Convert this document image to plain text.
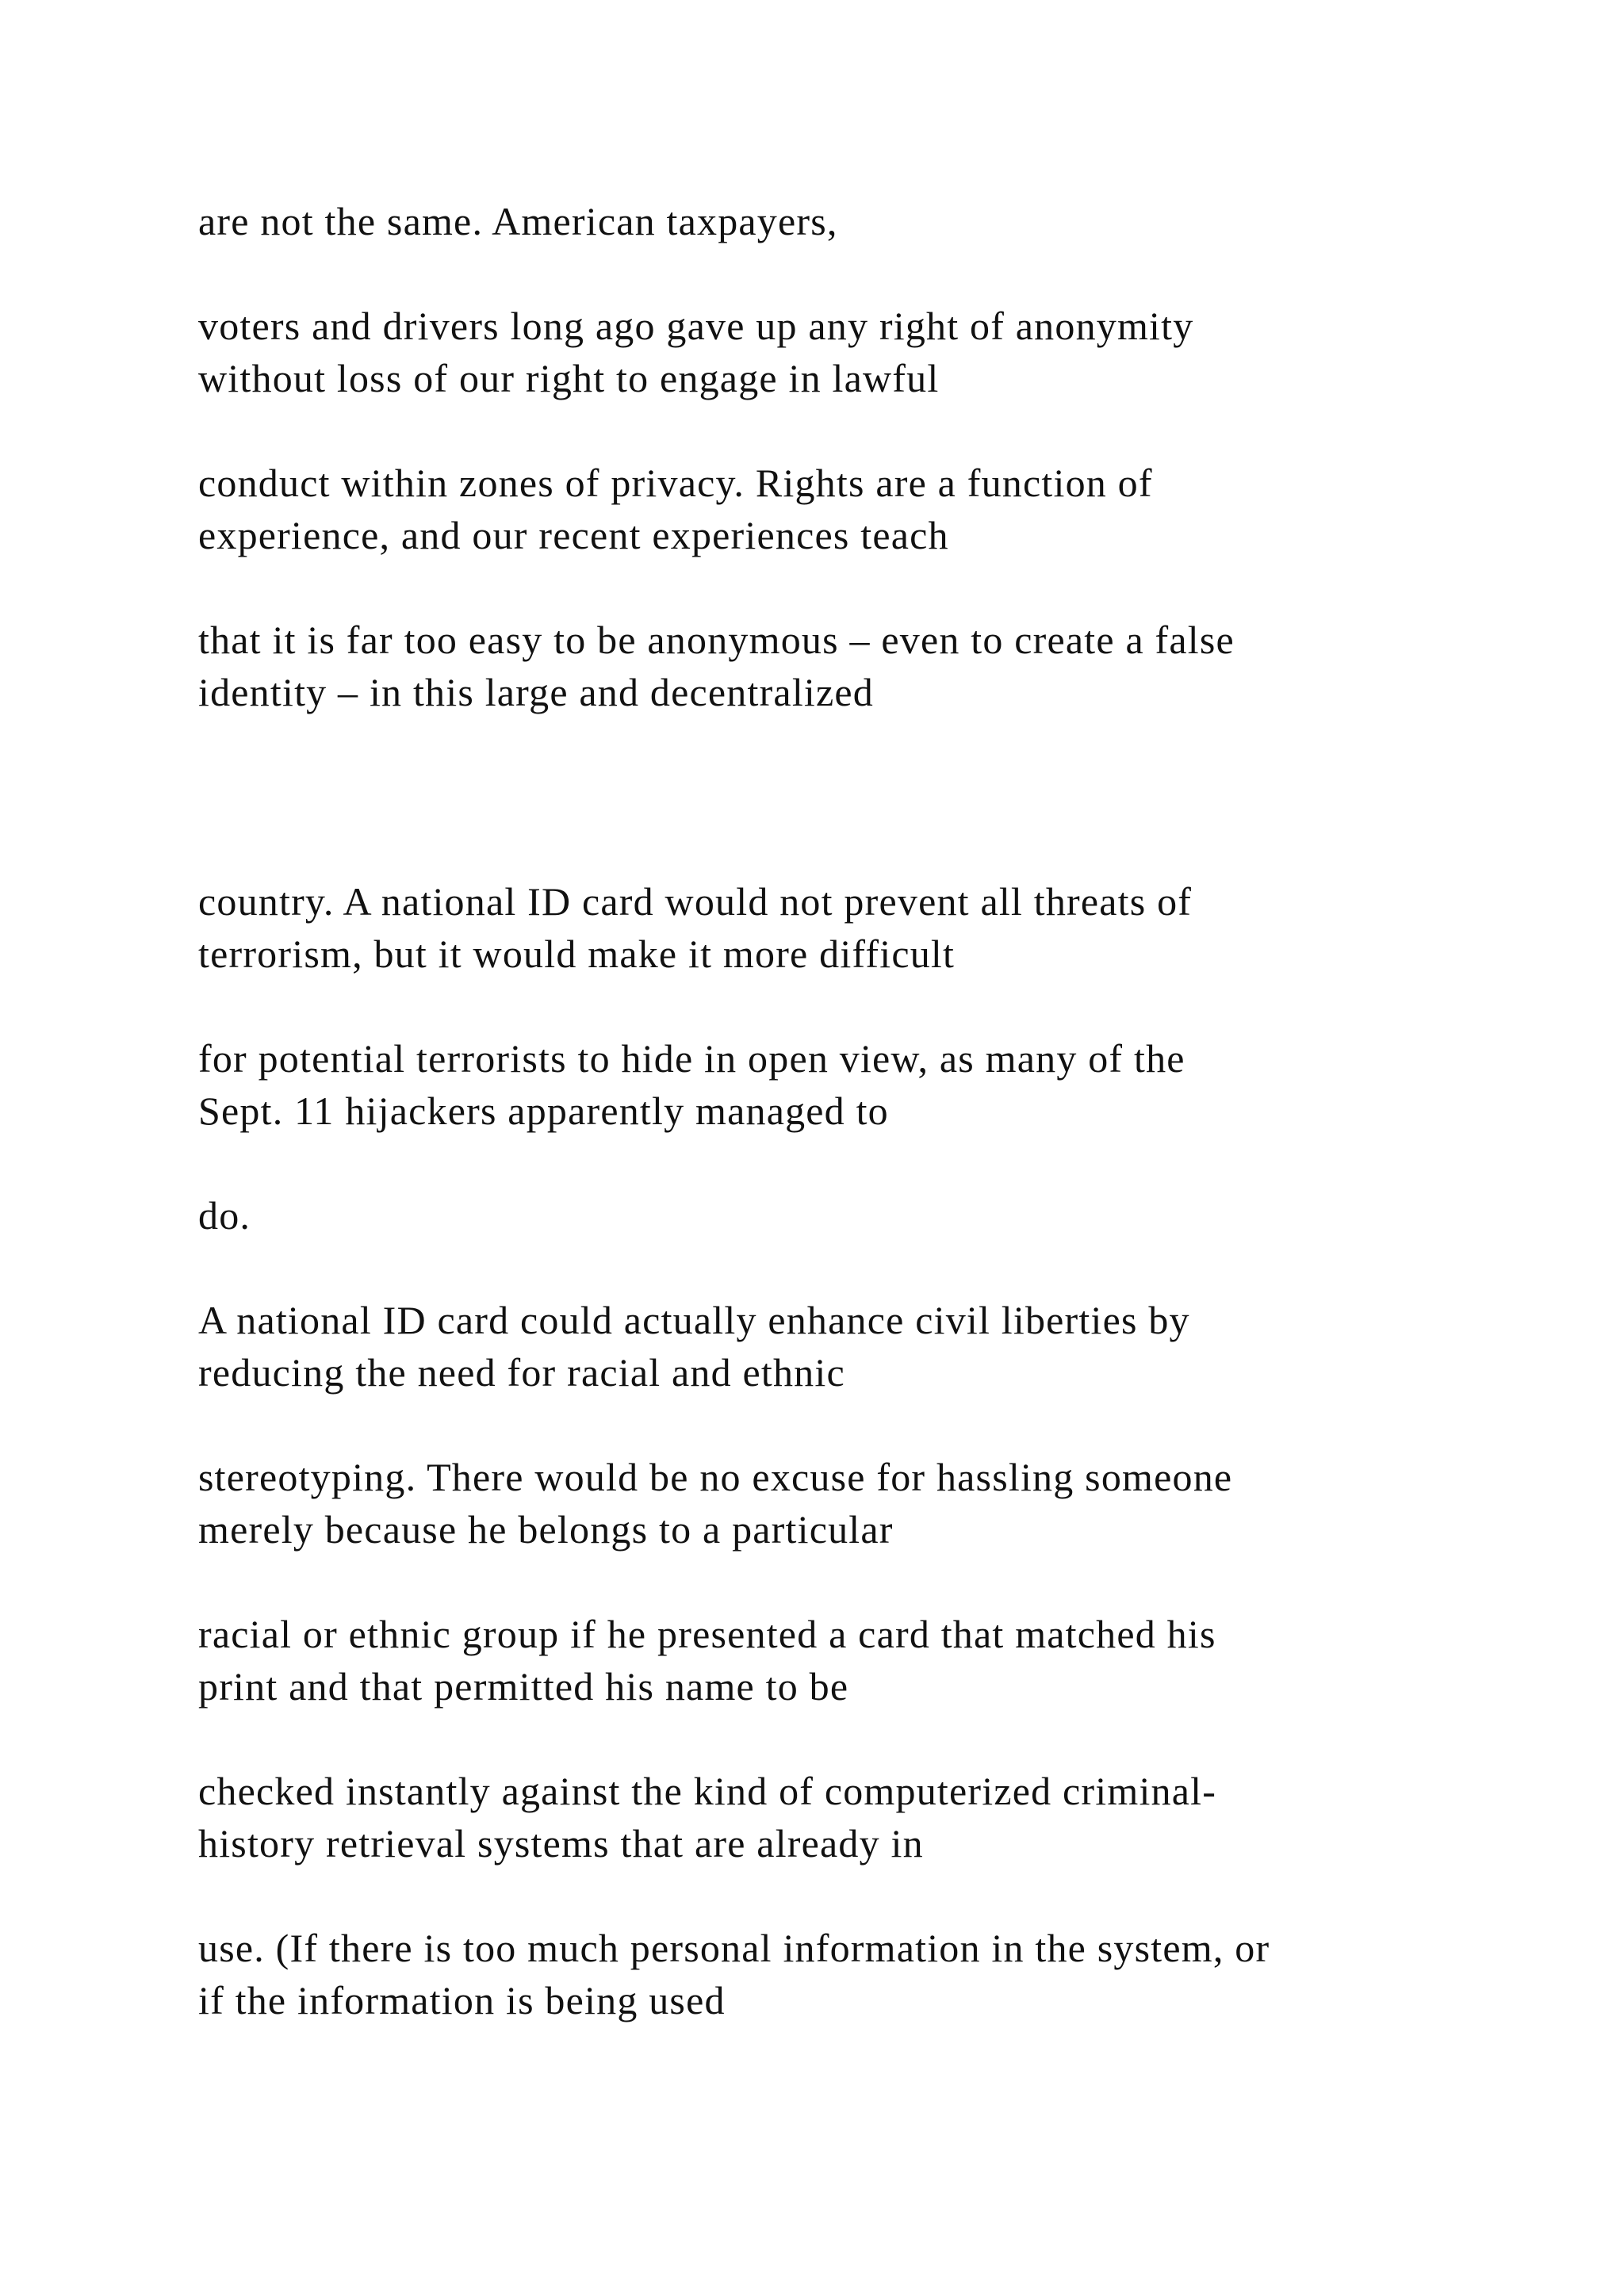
are not the same. American taxpayers,

voters and drivers long ago gave up any right of anonymity
without loss of our right to engage in lawful

conduct within zones of privacy. Rights are a function of
experience, and our recent experiences teach

that it is far too easy to be anonymous – even to create a false
identity – in this large and decentralized

country. A national ID card would not prevent all threats of
terrorism, but it would make it more difficult

for potential terrorists to hide in open view, as many of the
Sept. 11 hijackers apparently managed to

do.

A national ID card could actually enhance civil liberties by
reducing the need for racial and ethnic

stereotyping. There would be no excuse for hassling someone
merely because he belongs to a particular

racial or ethnic group if he presented a card that matched his
print and that permitted his name to be

checked instantly against the kind of computerized criminal-
history retrieval systems that are already in

use. (If there is too much personal information in the system, or
if the information is being used
